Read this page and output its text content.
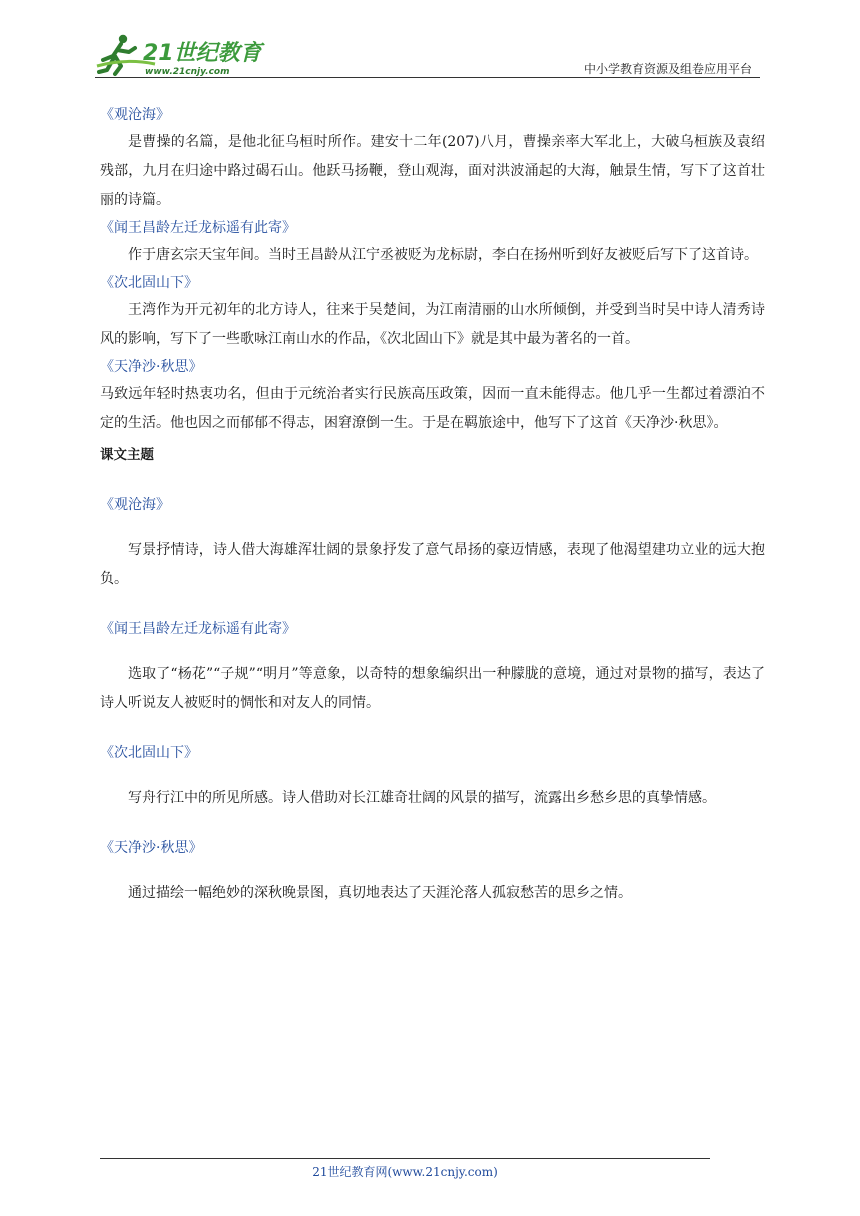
21世纪教育
www.21cnjy.com	中小学教育资源及组卷应用平台

《观沧海》

是曹操的名篇，是他北征乌桓时所作。建安十二年(207)八月，曹操亲率大军北上，大破乌桓族及袁绍残部，九月在归途中路过碣石山。他跃马扬鞭，登山观海，面对洪波涌起的大海，触景生情，写下了这首壮丽的诗篇。

《闻王昌龄左迁龙标遥有此寄》

作于唐玄宗天宝年间。当时王昌龄从江宁丞被贬为龙标尉，李白在扬州听到好友被贬后写下了这首诗。

《次北固山下》

王湾作为开元初年的北方诗人，往来于吴楚间，为江南清丽的山水所倾倒，并受到当时吴中诗人清秀诗风的影响，写下了一些歌咏江南山水的作品，《次北固山下》就是其中最为著名的一首。

《天净沙·秋思》

马致远年轻时热衷功名，但由于元统治者实行民族高压政策，因而一直未能得志。他几乎一生都过着漂泊不定的生活。他也因之而郁郁不得志，困窘潦倒一生。于是在羁旅途中，他写下了这首《天净沙·秋思》。

课文主题

《观沧海》

写景抒情诗，诗人借大海雄浑壮阔的景象抒发了意气昂扬的豪迈情感，表现了他渴望建功立业的远大抱负。

《闻王昌龄左迁龙标遥有此寄》

选取了“杨花”“子规”“明月”等意象，以奇特的想象编织出一种朦胧的意境，通过对景物的描写，表达了诗人听说友人被贬时的惆怅和对友人的同情。

《次北固山下》

写舟行江中的所见所感。诗人借助对长江雄奇壮阔的风景的描写，流露出乡愁乡思的真挚情感。

《天净沙·秋思》

通过描绘一幅绝妙的深秋晚景图，真切地表达了天涯沦落人孤寂愁苦的思乡之情。

21世纪教育网(www.21cnjy.com)
